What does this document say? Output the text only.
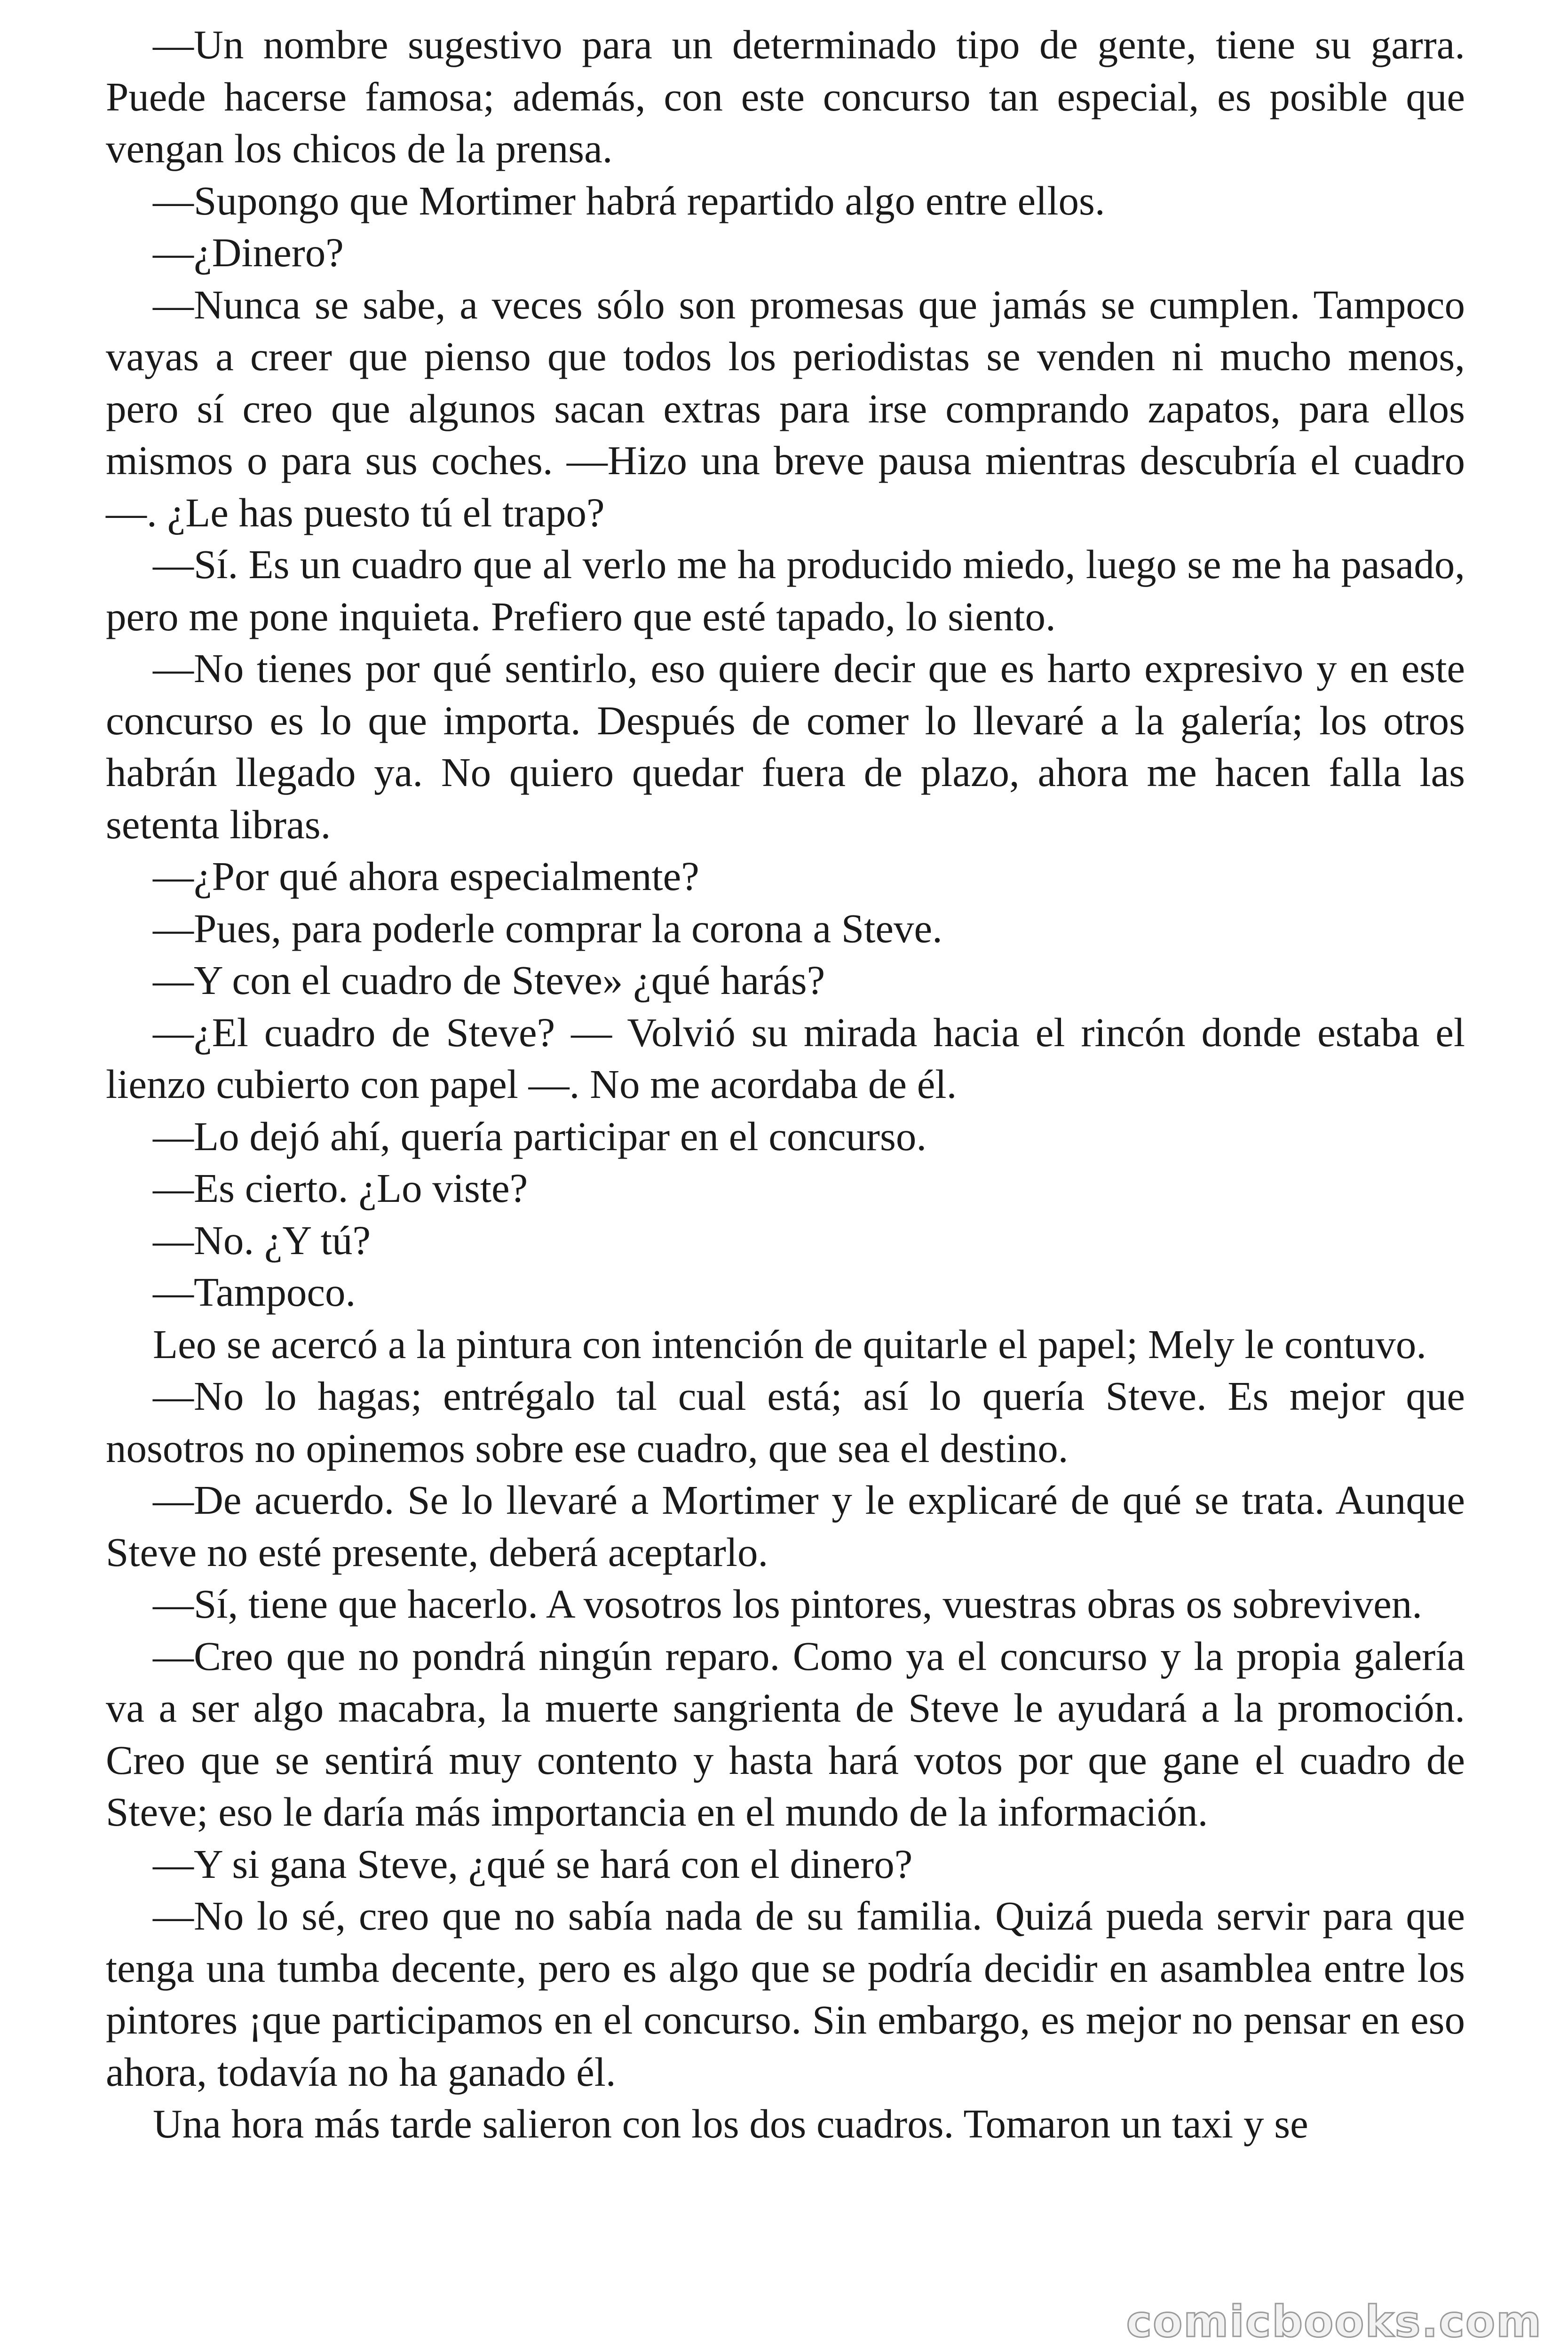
—Un nombre sugestivo para un determinado tipo de gente, tiene su garra. Puede hacerse famosa; además, con este concurso tan especial, es posible que vengan los chicos de la prensa.

—Supongo que Mortimer habrá repartido algo entre ellos.

—¿Dinero?

—Nunca se sabe, a veces sólo son promesas que jamás se cumplen. Tampoco vayas a creer que pienso que todos los periodistas se venden ni mucho menos, pero sí creo que algunos sacan extras para irse comprando zapatos, para ellos mismos o para sus coches. —Hizo una breve pausa mientras descubría el cuadro—. ¿Le has puesto tú el trapo?

—Sí. Es un cuadro que al verlo me ha producido miedo, luego se me ha pasado, pero me pone inquieta. Prefiero que esté tapado, lo siento.

—No tienes por qué sentirlo, eso quiere decir que es harto expresivo y en este concurso es lo que importa. Después de comer lo llevaré a la galería; los otros habrán llegado ya. No quiero quedar fuera de plazo, ahora me hacen falla las setenta libras.

—¿Por qué ahora especialmente?

—Pues, para poderle comprar la corona a Steve.

—Y con el cuadro de Steve» ¿qué harás?

—¿El cuadro de Steve? — Volvió su mirada hacia el rincón donde estaba el lienzo cubierto con papel —. No me acordaba de él.

—Lo dejó ahí, quería participar en el concurso.

—Es cierto. ¿Lo viste?

—No. ¿Y tú?

—Tampoco.

Leo se acercó a la pintura con intención de quitarle el papel; Mely le contuvo.

—No lo hagas; entrégalo tal cual está; así lo quería Steve. Es mejor que nosotros no opinemos sobre ese cuadro, que sea el destino.

—De acuerdo. Se lo llevaré a Mortimer y le explicaré de qué se trata. Aunque Steve no esté presente, deberá aceptarlo.

—Sí, tiene que hacerlo. A vosotros los pintores, vuestras obras os sobreviven.

—Creo que no pondrá ningún reparo. Como ya el concurso y la propia galería va a ser algo macabra, la muerte sangrienta de Steve le ayudará a la promoción. Creo que se sentirá muy contento y hasta hará votos por que gane el cuadro de Steve; eso le daría más importancia en el mundo de la información.

—Y si gana Steve, ¿qué se hará con el dinero?

—No lo sé, creo que no sabía nada de su familia. Quizá pueda servir para que tenga una tumba decente, pero es algo que se podría decidir en asamblea entre los pintores ¡que participamos en el concurso. Sin embargo, es mejor no pensar en eso ahora, todavía no ha ganado él.

Una hora más tarde salieron con los dos cuadros. Tomaron un taxi y se

comicbooks.com
